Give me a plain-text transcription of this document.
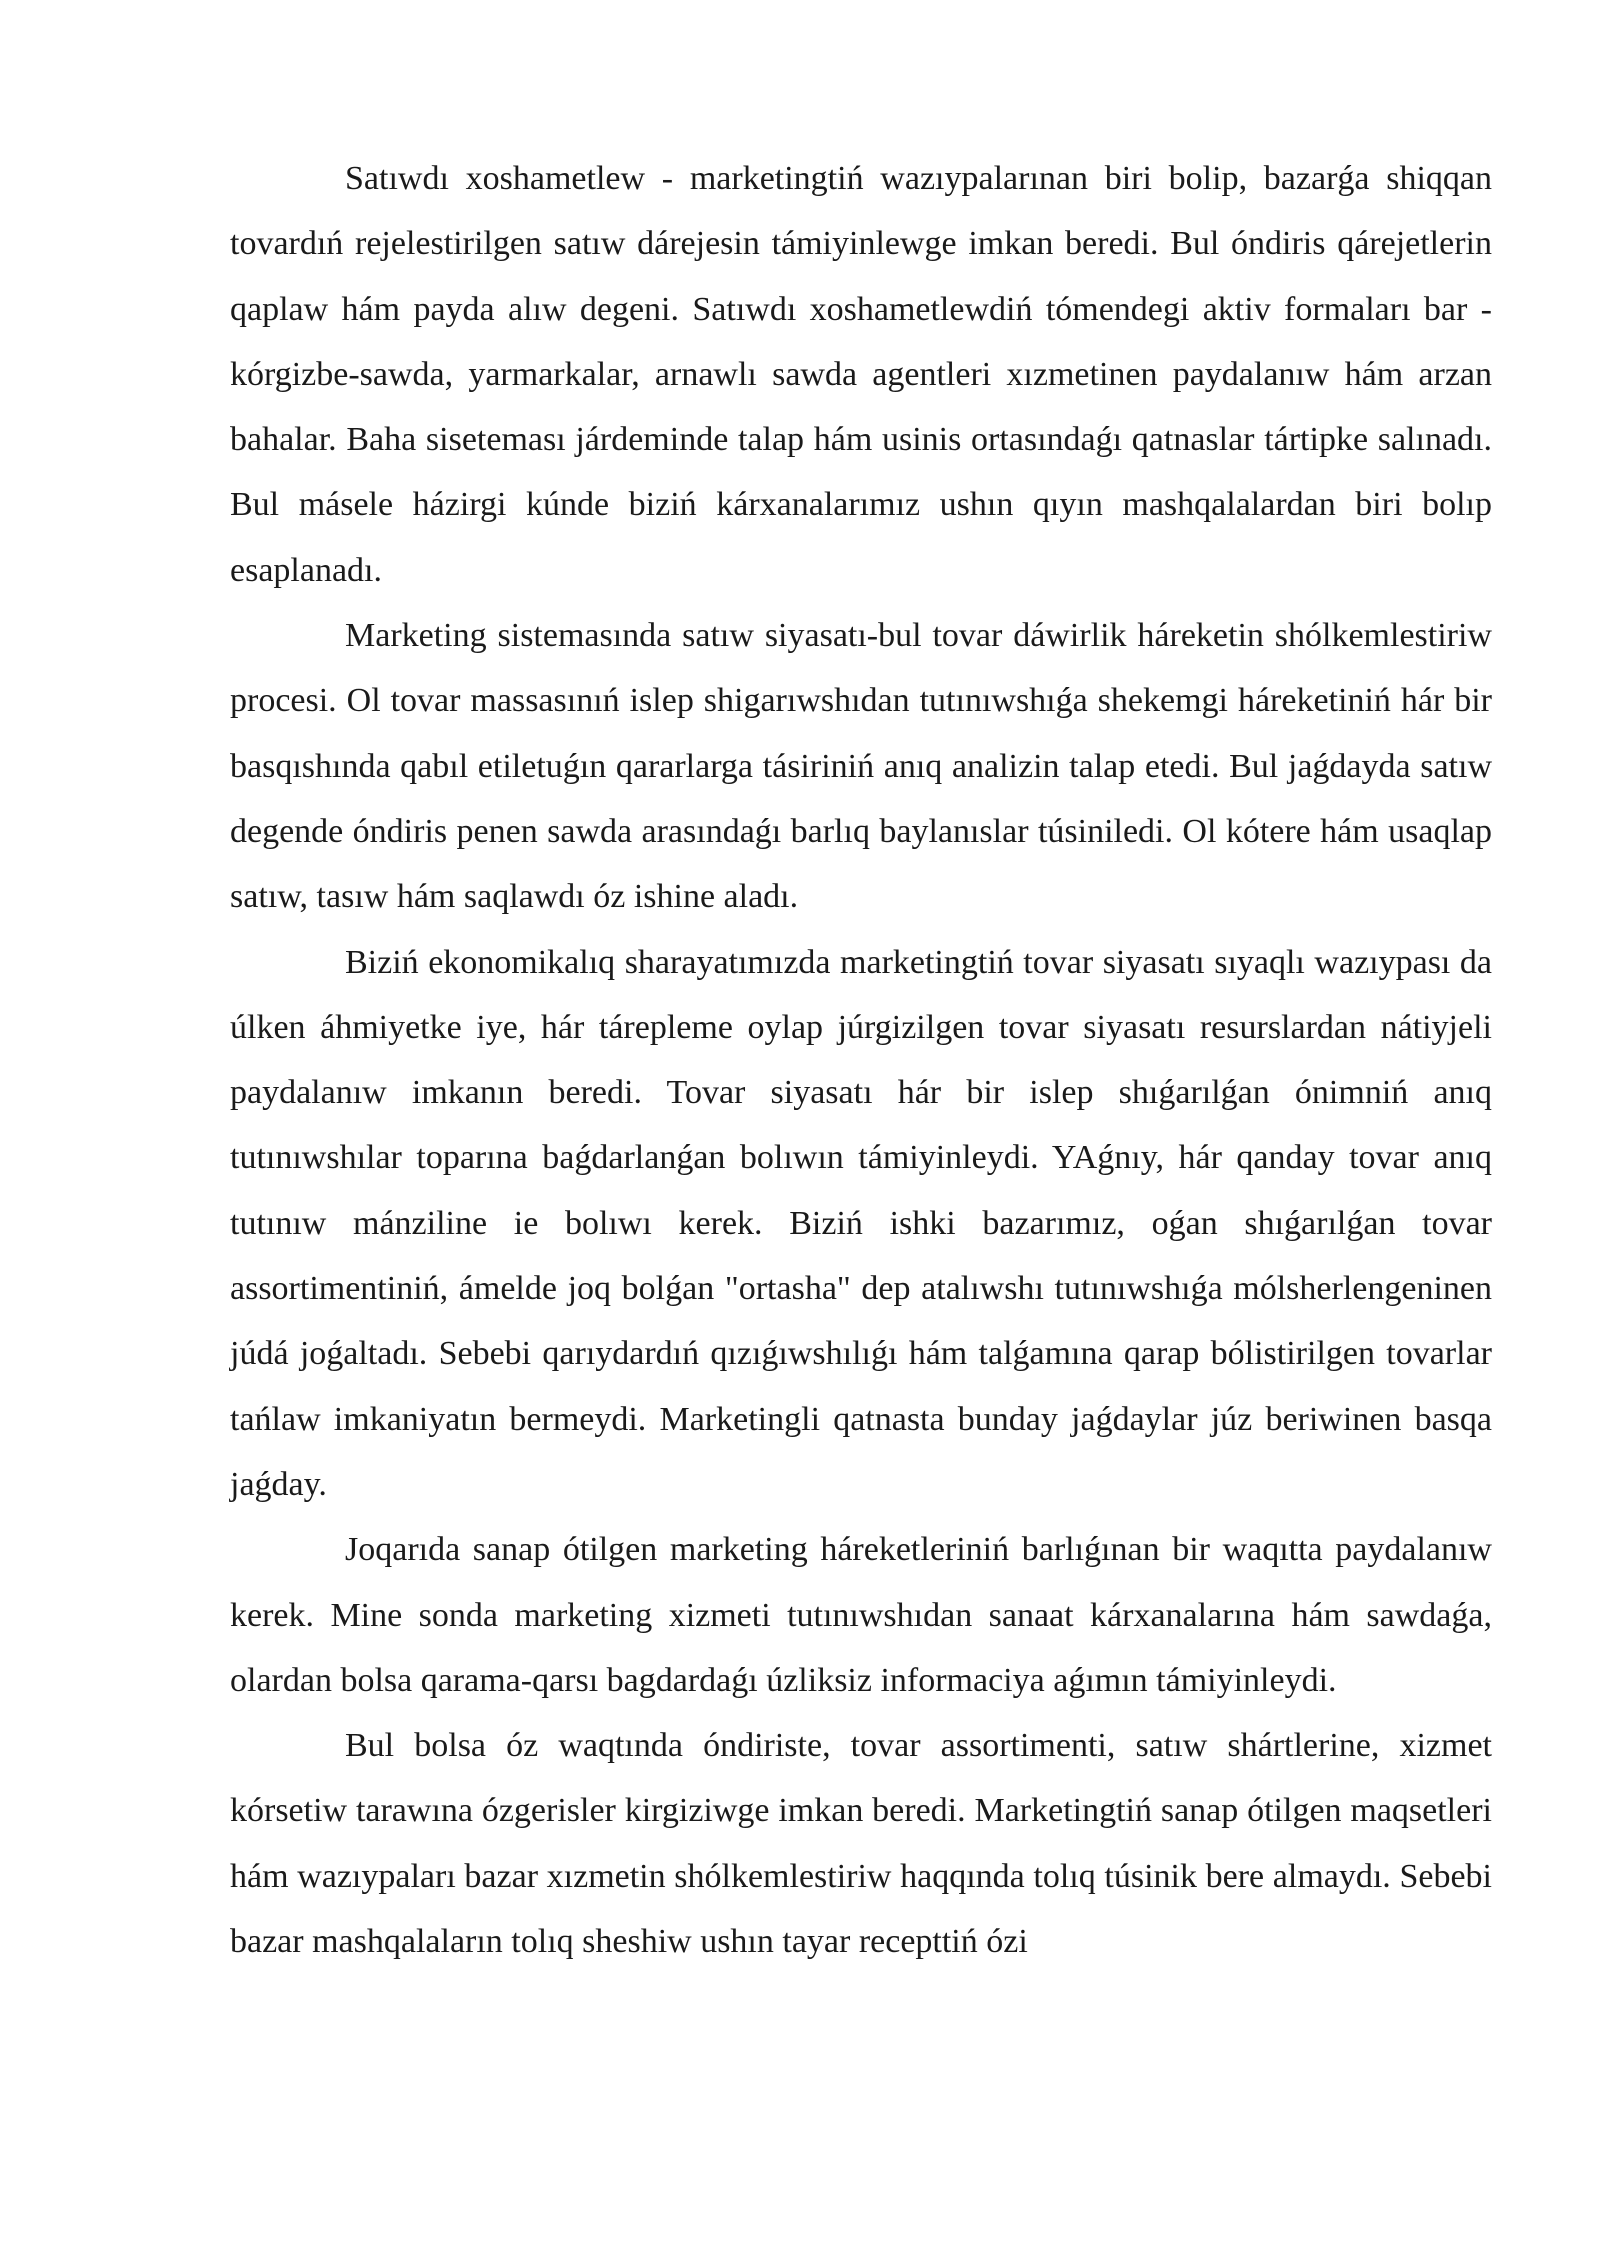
Satıwdı xoshametlew - marketingtiń wazıypalarınan biri bolip, bazarǵa shiqqan tovardıń rejelestirilgen satıw dárejesin támiyinlewge imkan beredi. Bul óndiris qárejetlerin qaplaw hám payda alıw degeni. Satıwdı xoshametlewdiń tómendegi aktiv formaları bar - kórgizbe-sawda, yarmarkalar, arnawlı sawda agentleri xızmetinen paydalanıw hám arzan bahalar. Baha siseteması járdeminde talap hám usinis ortasındaǵı qatnaslar tártipke salınadı. Bul másele házirgi kúnde biziń kárxanalarımız ushın qıyın mashqalalardan biri bolıp esaplanadı.

Marketing sistemasında satıw siyasatı-bul tovar dáwirlik háreketin shólkemlestiriw procesi. Ol tovar massasınıń islep shigarıwshıdan tutınıwshıǵa shekemgi háreketiniń hár bir basqıshında qabıl etiletuǵın qararlarga tásiriniń anıq analizin talap etedi. Bul jaǵdayda satıw degende óndiris penen sawda arasındaǵı barlıq baylanıslar túsiniledi. Ol kótere hám usaqlap satıw, tasıw hám saqlawdı óz ishine aladı.

Biziń ekonomikalıq sharayatımızda marketingtiń tovar siyasatı sıyaqlı wazıypası da úlken áhmiyetke iye, hár tárepleme oylap júrgizilgen tovar siyasatı resurslardan nátiyjeli paydalanıw imkanın beredi. Tovar siyasatı hár bir islep shıǵarılǵan ónimniń anıq tutınıwshılar toparına baǵdarlanǵan bolıwın támiyinleydi. YAǵnıy, hár qanday tovar anıq tutınıw mánziline ie bolıwı kerek. Biziń ishki bazarımız, oǵan shıǵarılǵan tovar assortimentiniń, ámelde joq bolǵan "ortasha" dep atalıwshı tutınıwshıǵa mólsherlengeninen júdá joǵaltadı. Sebebi qarıydardıń qızıǵıwshılıǵı hám talǵamına qarap bólistirilgen tovarlar tańlaw imkaniyatın bermeydi. Marketingli qatnasta bunday jaǵdaylar júz beriwinen basqa jaǵday.

Joqarıda sanap ótilgen marketing háreketleriniń barlıǵınan bir waqıtta paydalanıw kerek. Mine sonda marketing xizmeti tutınıwshıdan sanaat kárxanalarına hám sawdaǵa, olardan bolsa qarama-qarsı bagdardaǵı úzliksiz informaciya aǵımın támiyinleydi.

Bul bolsa óz waqtında óndiriste, tovar assortimenti, satıw shártlerine, xizmet kórsetiw tarawına ózgerisler kirgiziwge imkan beredi. Marketingtiń sanap ótilgen maqsetleri hám wazıypaları bazar xızmetin shólkemlestiriw haqqında tolıq túsinik bere almaydı. Sebebi bazar mashqalaların tolıq sheshiw ushın tayar recepttiń ózi
